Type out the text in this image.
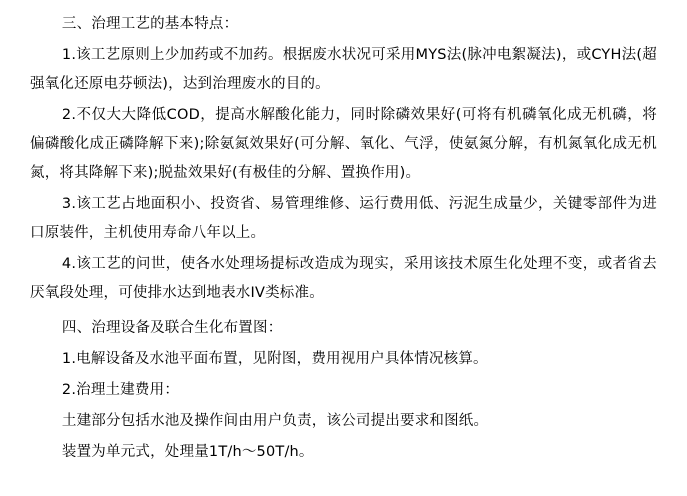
三、治理工艺的基本特点：

1.该工艺原则上少加药或不加药。根据废水状况可采用MYS法(脉冲电絮凝法)，或CYH法(超强氧化还原电芬顿法)，达到治理废水的目的。

2.不仅大大降低COD，提高水解酸化能力，同时除磷效果好(可将有机磷氧化成无机磷，将偏磷酸化成正磷降解下来);除氨氮效果好(可分解、氧化、气浮，使氨氮分解，有机氮氧化成无机氮，将其降解下来);脱盐效果好(有极佳的分解、置换作用)。

3.该工艺占地面积小、投资省、易管理维修、运行费用低、污泥生成量少，关键零部件为进口原装件，主机使用寿命八年以上。

4.该工艺的问世，使各水处理场提标改造成为现实，采用该技术原生化处理不变，或者省去厌氧段处理，可使排水达到地表水IV类标准。

四、治理设备及联合生化布置图：

1.电解设备及水池平面布置，见附图，费用视用户具体情况核算。

2.治理土建费用：

土建部分包括水池及操作间由用户负责，该公司提出要求和图纸。

装置为单元式，处理量1T/h～50T/h。
